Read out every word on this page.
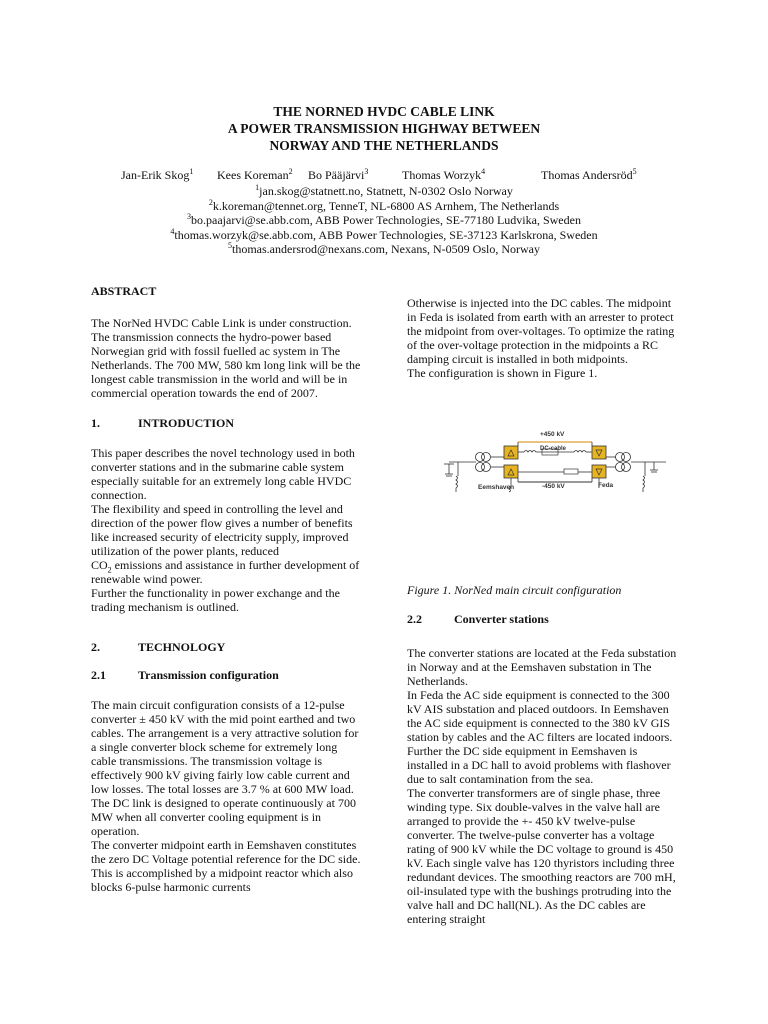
THE NORNED HVDC CABLE LINK
A POWER TRANSMISSION HIGHWAY BETWEEN
NORWAY AND THE NETHERLANDS
Jan-Erik Skog$^1$ Kees Koreman$^2$ Bo Pääjärvi$^3$	Thomas Worzyk$^4$	Thomas Andersröd$^5$
$^1$jan.skog@statnett.no, Statnett, N-0302 Oslo Norway
$^2$k.koreman@tennet.org, TenneT, NL-6800 AS Arnhem, The Netherlands
$^3$bo.paajarvi@se.abb.com, ABB Power Technologies, SE-77180 Ludvika, Sweden
$^4$thomas.worzyk@se.abb.com, ABB Power Technologies, SE-37123 Karlskrona, Sweden
$^5$thomas.andersrod@nexans.com, Nexans, N-0509 Oslo, Norway

ABSTRACT

The NorNed HVDC Cable Link is under construction. The transmission connects the hydro-power based Norwegian grid with fossil fuelled ac system in The Netherlands. The 700 MW, 580 km long link will be the longest cable transmission in the world and will be in commercial operation towards the end of 2007.

1.	INTRODUCTION

This paper describes the novel technology used in both converter stations and in the submarine cable system especially suitable for an extremely long cable HVDC connection.

The flexibility and speed in controlling the level and direction of the power flow gives a number of benefits like increased security of electricity supply, improved utilization of the power plants, reduced

$CO_2$ emissions and assistance in further development of renewable wind power.

Further the functionality in power exchange and the trading mechanism is outlined.

2.	TECHNOLOGY

2.1	Transmission configuration

The main circuit configuration consists of a 12-pulse converter ± 450 kV with the mid point earthed and two cables. The arrangement is a very attractive solution for a single converter block scheme for extremely long cable transmissions. The transmission voltage is effectively 900 kV giving fairly low cable current and low losses. The total losses are 3.7 % at 600 MW load. The DC link is designed to operate continuously at 700 MW when all converter cooling equipment is in operation.

The converter midpoint earth in Eemshaven constitutes the zero DC Voltage potential reference for the DC side. This is accomplished by a midpoint reactor which also blocks 6-pulse harmonic currents

Otherwise is injected into the DC cables. The midpoint in Feda is isolated from earth with an arrester to protect the midpoint from over-voltages. To optimize the rating of the over-voltage protection in the midpoints a RC damping circuit is installed in both midpoints.

The configuration is shown in Figure 1.

+450 kV
DC-cable
-450 kV
Eemshaven	Feda

Figure 1. NorNed main circuit configuration

2.2	Converter stations

The converter stations are located at the Feda substation in Norway and at the Eemshaven substation in The Netherlands.

In Feda the AC side equipment is connected to the 300 kV AIS substation and placed outdoors. In Eemshaven the AC side equipment is connected to the 380 kV GIS station by cables and the AC filters are located indoors. Further the DC side equipment in Eemshaven is installed in a DC hall to avoid problems with flashover due to salt contamination from the sea.

The converter transformers are of single phase, three winding type. Six double-valves in the valve hall are arranged to provide the +- 450 kV twelve-pulse converter. The twelve-pulse converter has a voltage rating of 900 kV while the DC voltage to ground is 450 kV. Each single valve has 120 thyristors including three redundant devices. The smoothing reactors are 700 mH, oil-insulated type with the bushings protruding into the valve hall and DC hall(NL). As the DC cables are entering straight
